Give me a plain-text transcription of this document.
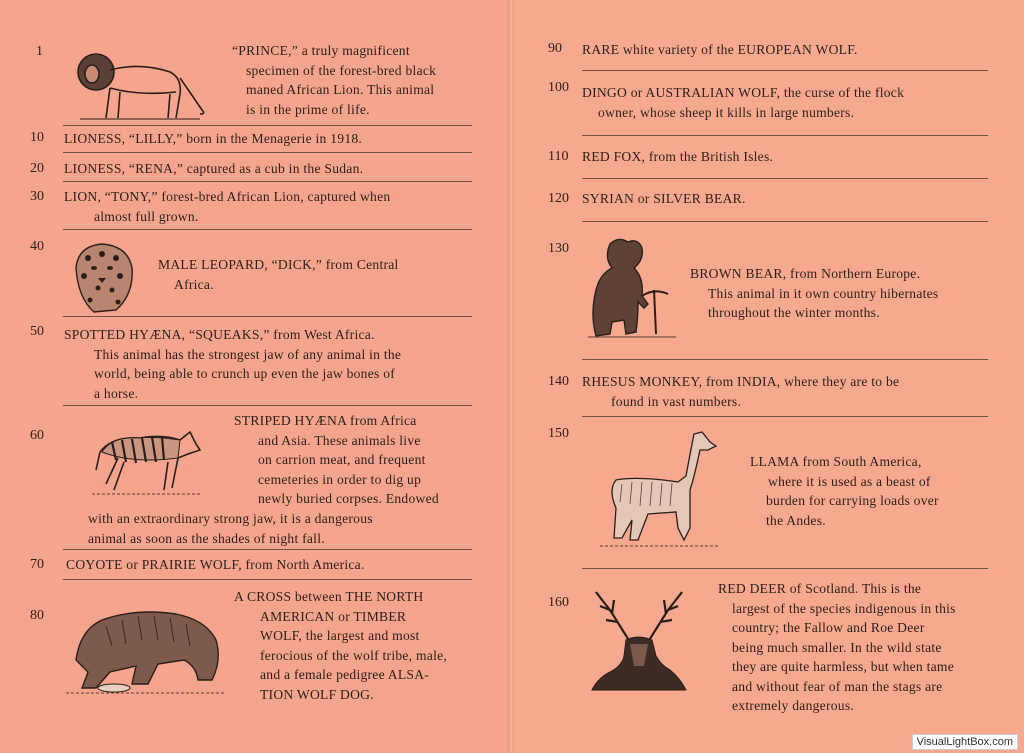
1	“PRINCE,” a truly magnificent
specimen of the forest-bred black
maned African Lion. This animal
is in the prime of life.
10 LIONESS, “LILLY,” born in the Menagerie in 1918.
20 LIONESS, “RENA,” captured as a cub in the Sudan.
30 LION, “TONY,” forest-bred African Lion, captured when
almost full grown.
40
MALE LEOPARD, “DICK,” from Central
Africa.
50 SPOTTED HYÆNA, “SQUEAKS,” from West Africa.
This animal has the strongest jaw of any animal in the
world, being able to crunch up even the jaw bones of
a horse.
60
STRIPED HYÆNA from Africa
and Asia. These animals live
on carrion meat, and frequent
cemeteries in order to dig up
newly buried corpses. Endowed
with an extraordinary strong jaw, it is a dangerous
animal as soon as the shades of night fall.
70 COYOTE or PRAIRIE WOLF, from North America.
80
A CROSS between THE NORTH
AMERICAN or TIMBER
WOLF, the largest and most
ferocious of the wolf tribe, male,
and a female pedigree ALSA-
TION WOLF DOG.
90 RARE white variety of the EUROPEAN WOLF.
100 DINGO or AUSTRALIAN WOLF, the curse of the flock
owner, whose sheep it kills in large numbers.
110 RED FOX, from the British Isles.
120 SYRIAN or SILVER BEAR.
130
BROWN BEAR, from Northern Europe.
This animal in it own country hibernates
throughout the winter months.
140 RHESUS MONKEY, from INDIA, where they are to be
found in vast numbers.
150
LLAMA from South America,
where it is used as a beast of
burden for carrying loads over
the Andes.
160
RED DEER of Scotland. This is the
largest of the species indigenous in this
country; the Fallow and Roe Deer
being much smaller. In the wild state
they are quite harmless, but when tame
and without fear of man the stags are
extremely dangerous.
VisualLightBox.com
